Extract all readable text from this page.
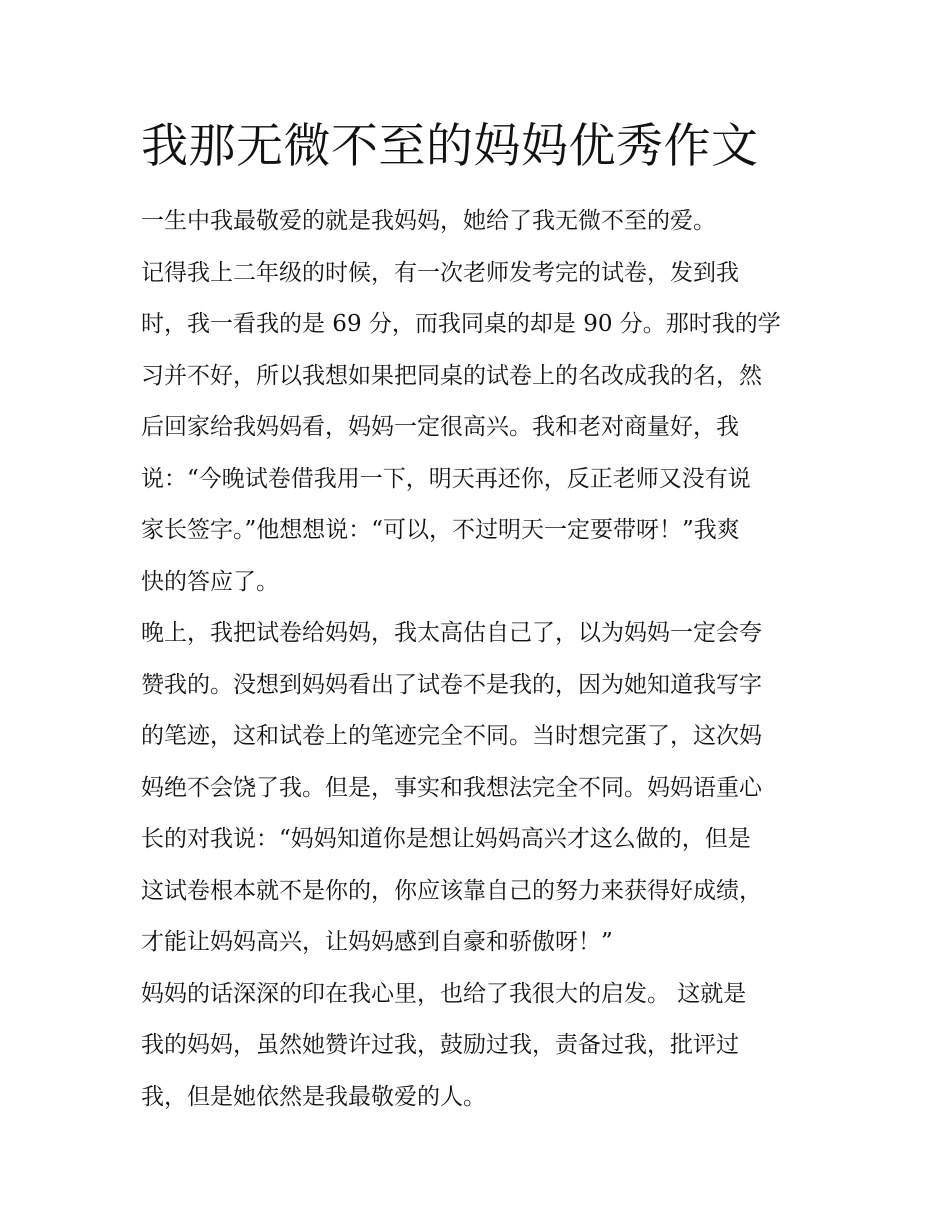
我那无微不至的妈妈优秀作文

一生中我最敬爱的就是我妈妈，她给了我无微不至的爱。

记得我上二年级的时候，有一次老师发考完的试卷，发到我
时，我一看我的是 69 分，而我同桌的却是 90 分。那时我的学
习并不好，所以我想如果把同桌的试卷上的名改成我的名，然
后回家给我妈妈看，妈妈一定很高兴。我和老对商量好，我
说：“今晚试卷借我用一下，明天再还你，反正老师又没有说
家长签字。”他想想说：“可以，不过明天一定要带呀！”我爽
快的答应了。

晚上，我把试卷给妈妈，我太高估自己了，以为妈妈一定会夸
赞我的。没想到妈妈看出了试卷不是我的，因为她知道我写字
的笔迹，这和试卷上的笔迹完全不同。当时想完蛋了，这次妈
妈绝不会饶了我。但是，事实和我想法完全不同。妈妈语重心
长的对我说：“妈妈知道你是想让妈妈高兴才这么做的，但是
这试卷根本就不是你的，你应该靠自己的努力来获得好成绩，
才能让妈妈高兴，让妈妈感到自豪和骄傲呀！”

妈妈的话深深的印在我心里，也给了我很大的启发。 这就是
我的妈妈，虽然她赞许过我，鼓励过我，责备过我，批评过
我，但是她依然是我最敬爱的人。
